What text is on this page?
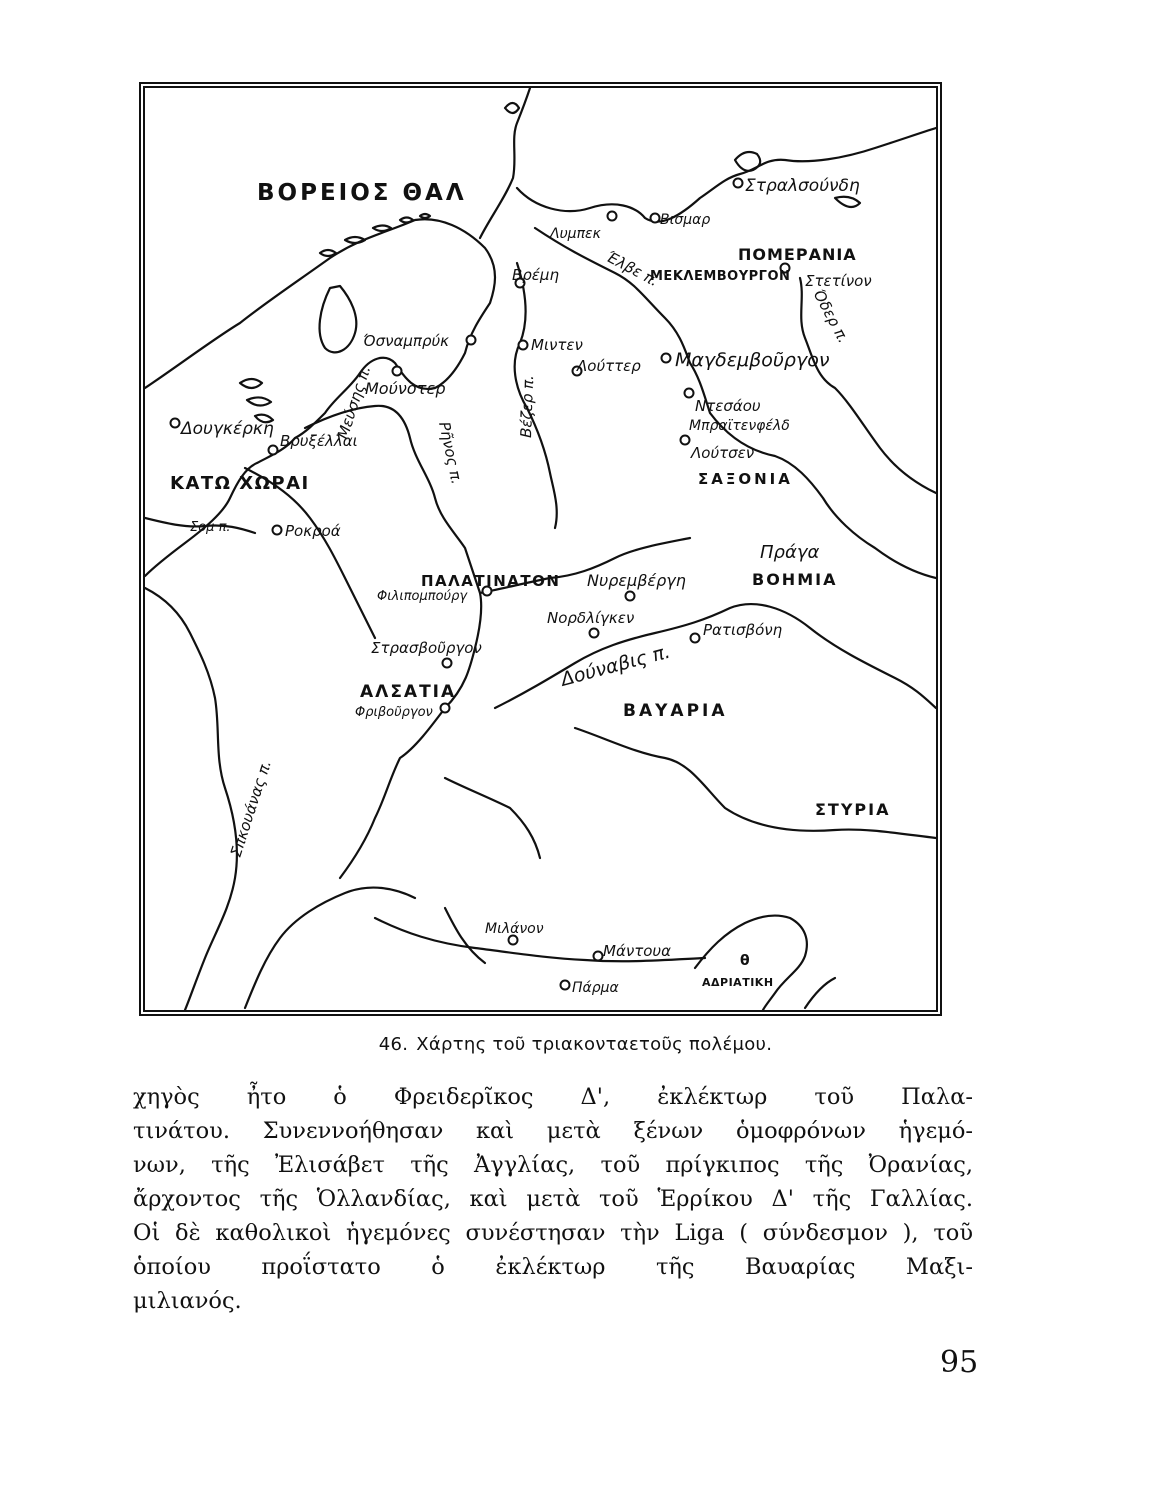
ΒΟΡΕΙΟΣ ΘΑΛ
ΠΟΜΕΡΑΝΙΑ
ΜΕΚΛΕΜΒΟΥΡΓΟΝ
ΣΑΞΟΝΙΑ
ΚΑΤΩ ΧΩΡΑΙ
ΠΑΛΑΤΙΝΑΤΟΝ	ΒΟΗΜΙΑ
ΑΛΣΑΤΙΑ
ΒΑΥΑΡΙΑ
ΣΤΥΡΙΑ
θ
ΑΔΡΙΑΤΙΚΗ
Στραλσούνδη
Βισμαρ
Λυμπεκ
Βρέμη	Στετίνον
Όσναμπρύκ	Μιντεν
Μαγδεμβοῦργον
Λούττερ
Μούνστερ
Ντεσάου
Μπραϊτενφέλδ
Λούτσεν
Δουγκέρκη
Βρυξέλλαι
Ροκροά
Πράγα
Νυρεμβέργη
Φιλιπομπούργ
Νορδλίγκεν
Ρατισβόνη
Στρασβοῦργον
Φριβοῦργον
Μιλάνον
Μάντουα
Πάρμα
Έλβε π.
Όδερ π.
Βέζερ π.
Ρῆνος π.
Μεύσης π.
Σομ π.
Δούναβις π.
Σπκουάνας π.
46. Χάρτης τοῦ τριακονταετοῦς πολέμου.
χηγὸς ἦτο ὁ Φρειδερῖκος Δ', ἐκλέκτωρ τοῦ Παλα-
τινάτου. Συνεννοήθησαν καὶ μετὰ ξένων ὁμοφρόνων ἡγεμό-
νων, τῆς Ἐλισάβετ τῆς Ἀγγλίας, τοῦ πρίγκιπος τῆς Ὀρανίας,
ἄρχοντος τῆς Ὁλλανδίας, καὶ μετὰ τοῦ Ἑρρίκου Δ' τῆς Γαλλίας.
Οἱ δὲ καθολικοὶ ἡγεμόνες συνέστησαν τὴν Liga ( σύνδεσμον ), τοῦ
ὁποίου προΐστατο ὁ ἐκλέκτωρ τῆς Βαυαρίας Μαξι-
μιλιανός.
95
